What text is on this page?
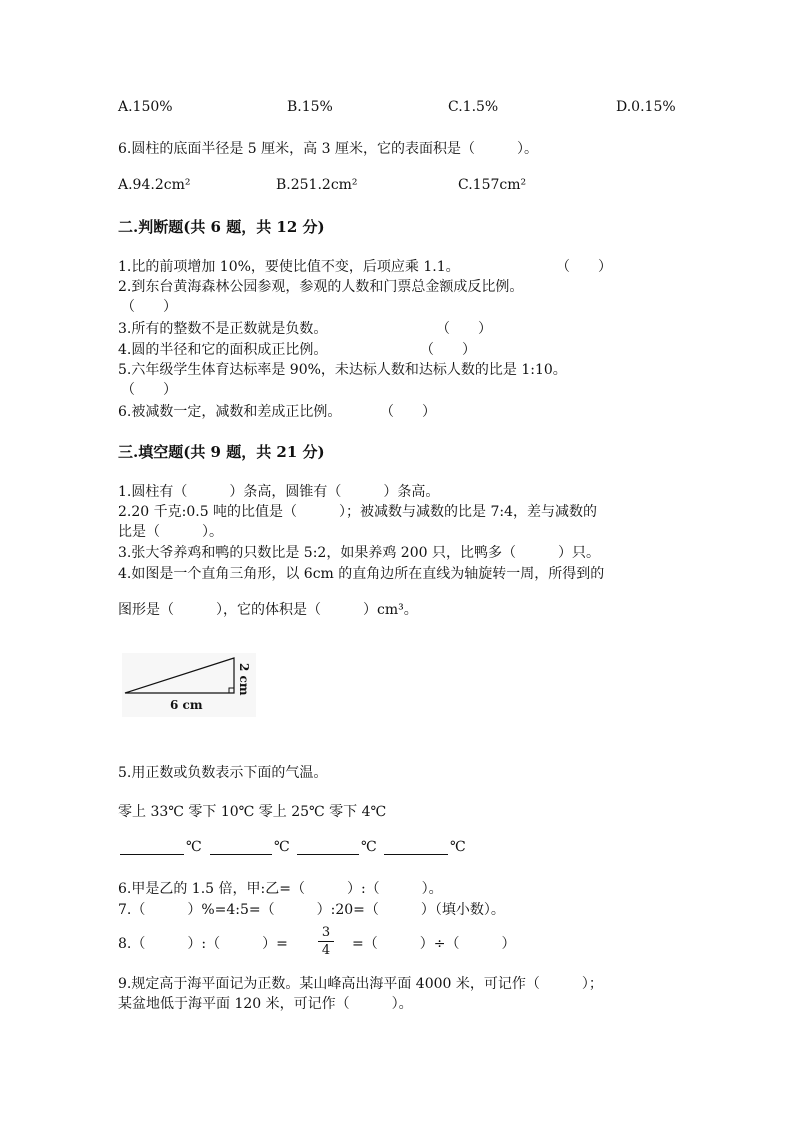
A.150%	B.15%	C.1.5%	D.0.15%
6.圆柱的底面半径是 5 厘米，高 3 厘米，它的表面积是（　　　）。
A.94.2cm²	B.251.2cm²	C.157cm²
二.判断题(共 6 题，共 12 分)
1.比的前项增加 10%，要使比值不变，后项应乘 1.1。	（　　）
2.到东台黄海森林公园参观，参观的人数和门票总金额成反比例。
（　　）
3.所有的整数不是正数就是负数。	（　　）
4.圆的半径和它的面积成正比例。	（　　）
5.六年级学生体育达标率是 90%，未达标人数和达标人数的比是 1:10。
（　　）
6.被减数一定，减数和差成正比例。	（　　）
三.填空题(共 9 题，共 21 分)
1.圆柱有（　　　）条高，圆锥有（　　　）条高。
2.20 千克:0.5 吨的比值是（　　　）；被减数与减数的比是 7:4，差与减数的
比是（　　　）。
3.张大爷养鸡和鸭的只数比是 5:2，如果养鸡 200 只，比鸭多（　　　）只。
4.如图是一个直角三角形，以 6cm 的直角边所在直线为轴旋转一周，所得到的
图形是（　　　），它的体积是（　　　）cm³。
6 cm
2 cm
5.用正数或负数表示下面的气温。
零上 33℃ 零下 10℃ 零上 25℃ 零下 4℃
℃	℃	℃	℃
6.甲是乙的 1.5 倍，甲:乙=（　　　）:（　　　）。
7.（　　　）%=4:5=（　　　）:20=（　　　）（填小数）。
8.（　　　）:（　　　）=
3
4 =（　　　）÷（　　　）
9.规定高于海平面记为正数。某山峰高出海平面 4000 米，可记作（　　　）；
某盆地低于海平面 120 米，可记作（　　　）。
